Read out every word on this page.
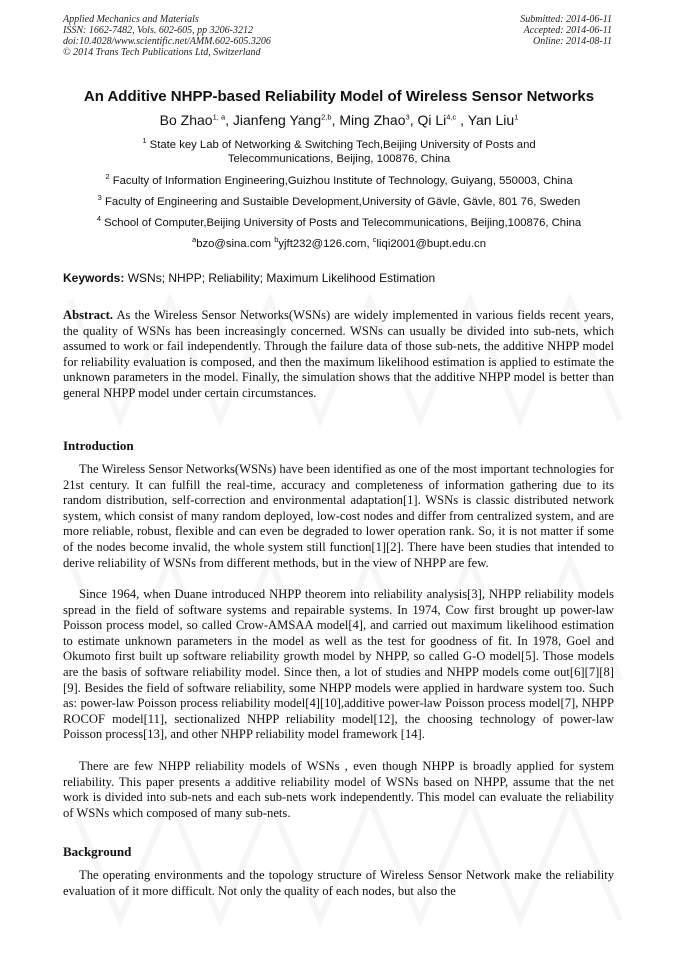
Applied Mechanics and Materials
ISSN: 1662-7482, Vols. 602-605, pp 3206-3212
doi:10.4028/www.scientific.net/AMM.602-605.3206
© 2014 Trans Tech Publications Ltd, Switzerland
Submitted: 2014-06-11
Accepted: 2014-06-11
Online: 2014-08-11
An Additive NHPP-based Reliability Model of Wireless Sensor Networks
Bo Zhao$^{1, a}$, Jianfeng Yang$^{2,b}$, Ming Zhao$^3$, Qi Li$^{4,c}$ , Yan Liu$^1$
$^1$ State key Lab of Networking & Switching Tech,Beijing University of Posts and
Telecommunications, Beijing, 100876, China
$^2$ Faculty of Information Engineering,Guizhou Institute of Technology, Guiyang, 550003, China
$^3$ Faculty of Engineering and Sustaible Development,University of Gävle, Gävle, 801 76, Sweden
$^4$ School of Computer,Beijing University of Posts and Telecommunications, Beijing,100876, China
$^a$bzo@sina.com $^b$yjft232@126.com, $^c$liqi2001@bupt.edu.cn
Keywords: WSNs; NHPP; Reliability; Maximum Likelihood Estimation

Abstract. As the Wireless Sensor Networks(WSNs) are widely implemented in various fields recent years, the quality of WSNs has been increasingly concerned. WSNs can usually be divided into sub-nets, which assumed to work or fail independently. Through the failure data of those sub-nets, the additive NHPP model for reliability evaluation is composed, and then the maximum likelihood estimation is applied to estimate the unknown parameters in the model. Finally, the simulation shows that the additive NHPP model is better than general NHPP model under certain circumstances.

Introduction

The Wireless Sensor Networks(WSNs) have been identified as one of the most important technologies for 21st century. It can fulfill the real-time, accuracy and completeness of information gathering due to its random distribution, self-correction and environmental adaptation[1]. WSNs is classic distributed network system, which consist of many random deployed, low-cost nodes and differ from centralized system, and are more reliable, robust, flexible and can even be degraded to lower operation rank. So, it is not matter if some of the nodes become invalid, the whole system still function[1][2]. There have been studies that intended to derive reliability of WSNs from different methods, but in the view of NHPP are few.

Since 1964, when Duane introduced NHPP theorem into reliability analysis[3], NHPP reliability models spread in the field of software systems and repairable systems. In 1974, Cow first brought up power-law Poisson process model, so called Crow-AMSAA model[4], and carried out maximum likelihood estimation to estimate unknown parameters in the model as well as the test for goodness of fit. In 1978, Goel and Okumoto first built up software reliability growth model by NHPP, so called G-O model[5]. Those models are the basis of software reliability model. Since then, a lot of studies and NHPP models come out[6][7][8][9]. Besides the field of software reliability, some NHPP models were applied in hardware system too. Such as: power-law Poisson process reliability model[4][10],additive power-law Poisson process model[7], NHPP ROCOF model[11], sectionalized NHPP reliability model[12], the choosing technology of power-law Poisson process[13], and other NHPP reliability model framework [14].

There are few NHPP reliability models of WSNs , even though NHPP is broadly applied for system reliability. This paper presents a additive reliability model of WSNs based on NHPP, assume that the net work is divided into sub-nets and each sub-nets work independently. This model can evaluate the reliability of WSNs which composed of many sub-nets.

Background

The operating environments and the topology structure of Wireless Sensor Network make the reliability evaluation of it more difficult. Not only the quality of each nodes, but also the
